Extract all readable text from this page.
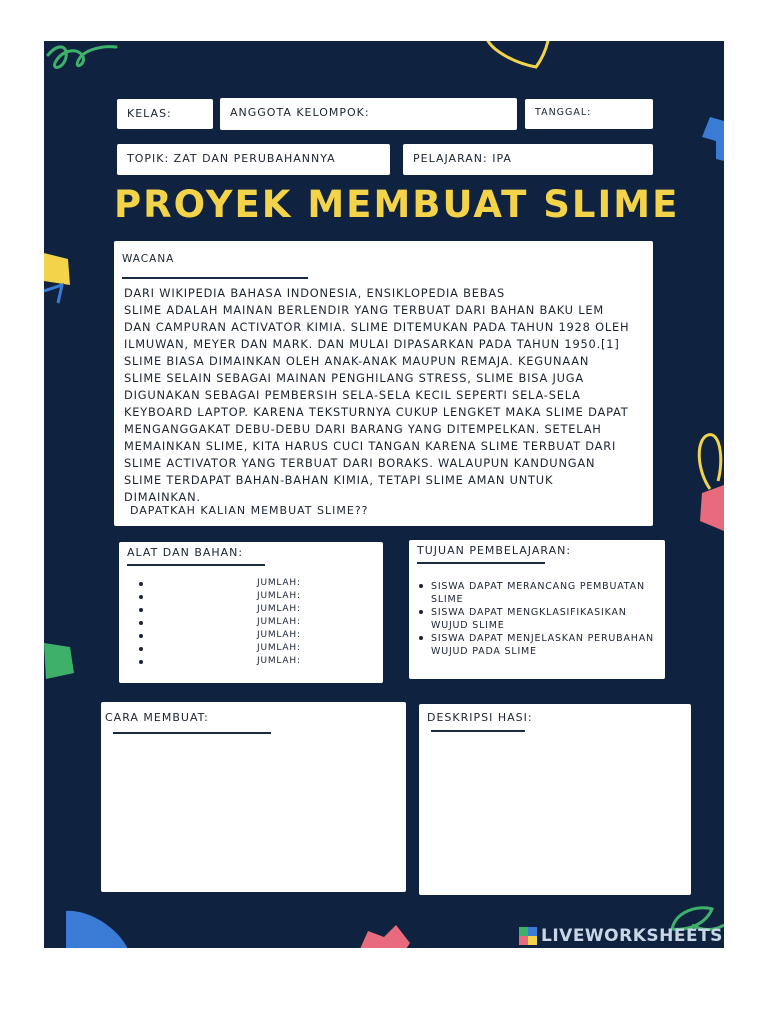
KELAS:	ANGGOTA KELOMPOK:	TANGGAL:
TOPIK: ZAT DAN PERUBAHANNYA	PELAJARAN: IPA
PROYEK MEMBUAT SLIME
WACANA
DARI WIKIPEDIA BAHASA INDONESIA, ENSIKLOPEDIA BEBAS
SLIME ADALAH MAINAN BERLENDIR YANG TERBUAT DARI BAHAN BAKU LEM
DAN CAMPURAN ACTIVATOR KIMIA. SLIME DITEMUKAN PADA TAHUN 1928 OLEH
ILMUWAN, MEYER DAN MARK. DAN MULAI DIPASARKAN PADA TAHUN 1950.[1]
SLIME BIASA DIMAINKAN OLEH ANAK-ANAK MAUPUN REMAJA. KEGUNAAN
SLIME SELAIN SEBAGAI MAINAN PENGHILANG STRESS, SLIME BISA JUGA
DIGUNAKAN SEBAGAI PEMBERSIH SELA-SELA KECIL SEPERTI SELA-SELA
KEYBOARD LAPTOP. KARENA TEKSTURNYA CUKUP LENGKET MAKA SLIME DAPAT
MENGANGGAKAT DEBU-DEBU DARI BARANG YANG DITEMPELKAN. SETELAH
MEMAINKAN SLIME, KITA HARUS CUCI TANGAN KARENA SLIME TERBUAT DARI
SLIME ACTIVATOR YANG TERBUAT DARI BORAKS. WALAUPUN KANDUNGAN
SLIME TERDAPAT BAHAN-BAHAN KIMIA, TETAPI SLIME AMAN UNTUK
DIMAINKAN.
DAPATKAH KALIAN MEMBUAT SLIME??
ALAT DAN BAHAN:
JUMLAH:
JUMLAH:
JUMLAH:
JUMLAH:
JUMLAH:
JUMLAH:
JUMLAH:
TUJUAN PEMBELAJARAN:
SISWA DAPAT MERANCANG PEMBUATAN SLIME
SISWA DAPAT MENGKLASIFIKASIKAN WUJUD SLIME
SISWA DAPAT MENJELASKAN PERUBAHAN WUJUD PADA SLIME
CARA MEMBUAT:	DESKRIPSI HASI:
LIVEWORKSHEETS
